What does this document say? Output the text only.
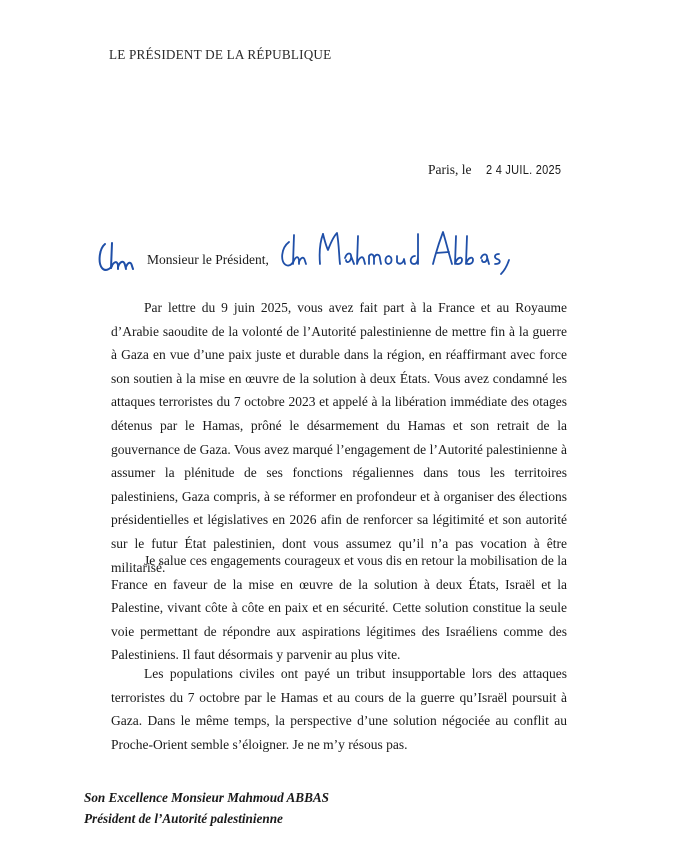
LE PRÉSIDENT DE LA RÉPUBLIQUE
Paris, le 2 4 JUIL. 2025
Monsieur le Président,

Par lettre du 9 juin 2025, vous avez fait part à la France et au Royaume d’Arabie saoudite de la volonté de l’Autorité palestinienne de mettre fin à la guerre à Gaza en vue d’une paix juste et durable dans la région, en réaffirmant avec force son soutien à la mise en œuvre de la solution à deux États. Vous avez condamné les attaques terroristes du 7 octobre 2023 et appelé à la libération immédiate des otages détenus par le Hamas, prôné le désarmement du Hamas et son retrait de la gouvernance de Gaza. Vous avez marqué l’engagement de l’Autorité palestinienne à assumer la plénitude de ses fonctions régaliennes dans tous les territoires palestiniens, Gaza compris, à se réformer en profondeur et à organiser des élections présidentielles et législatives en 2026 afin de renforcer sa légitimité et son autorité sur le futur État palestinien, dont vous assumez qu’il n’a pas vocation à être militarisé.

Je salue ces engagements courageux et vous dis en retour la mobilisation de la France en faveur de la mise en œuvre de la solution à deux États, Israël et la Palestine, vivant côte à côte en paix et en sécurité. Cette solution constitue la seule voie permettant de répondre aux aspirations légitimes des Israéliens comme des Palestiniens. Il faut désormais y parvenir au plus vite.

Les populations civiles ont payé un tribut insupportable lors des attaques terroristes du 7 octobre par le Hamas et au cours de la guerre qu’Israël poursuit à Gaza. Dans le même temps, la perspective d’une solution négociée au conflit au Proche-Orient semble s’éloigner. Je ne m’y résous pas.

Son Excellence Monsieur Mahmoud ABBAS
Président de l’Autorité palestinienne
